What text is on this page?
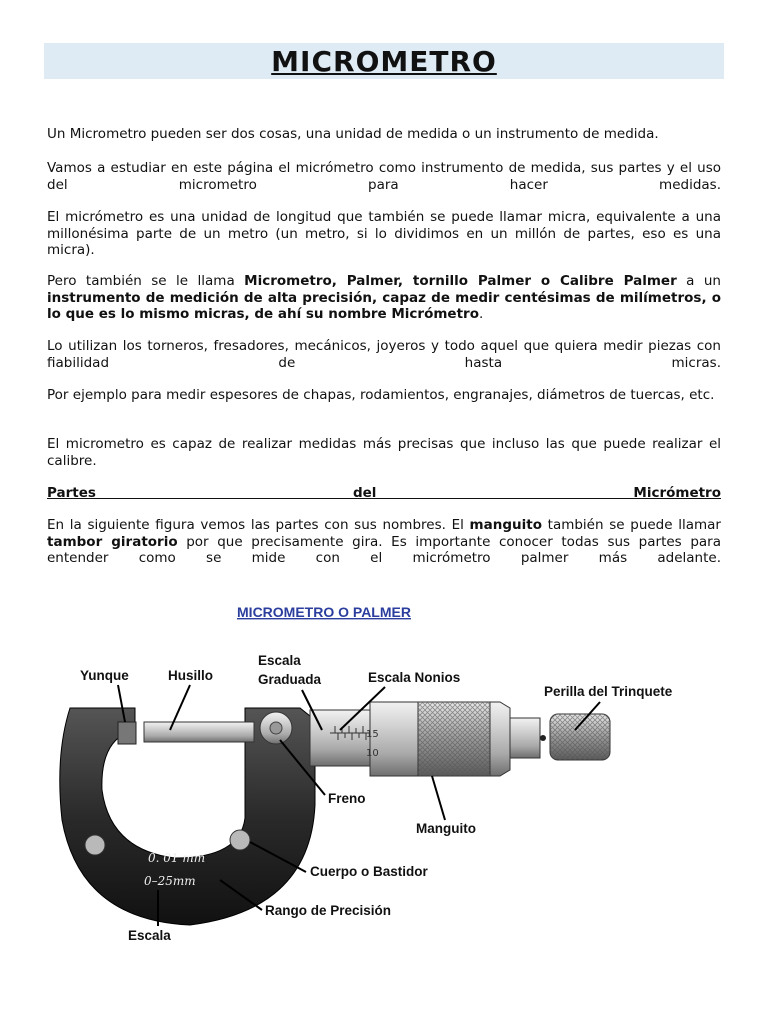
MICROMETRO

Un Micrometro pueden ser dos cosas, una unidad de medida o un instrumento de medida.

Vamos a estudiar en este página el micrómetro como instrumento de medida, sus partes y el uso del micrometro para hacer medidas.

El micrómetro es una unidad de longitud que también se puede llamar micra, equivalente a una millonésima parte de un metro (un metro, si lo dividimos en un millón de partes, eso es una micra).

Pero también se le llama Micrometro, Palmer, tornillo Palmer o Calibre Palmer a un instrumento de medición de alta precisión, capaz de medir centésimas de milímetros, o lo que es lo mismo micras, de ahí su nombre Micrómetro.

Lo utilizan los torneros, fresadores, mecánicos, joyeros y todo aquel que quiera medir piezas con fiabilidad de hasta micras.

Por ejemplo para medir espesores de chapas, rodamientos, engranajes, diámetros de tuercas, etc.

El micrometro es capaz de realizar medidas más precisas que incluso las que puede realizar el calibre.

Partes del Micrómetro

En la siguiente figura vemos las partes con sus nombres. El manguito también se puede llamar tambor giratorio por que precisamente gira. Es importante conocer todas sus partes para entender como se mide con el micrómetro palmer más adelante.

MICROMETRO O PALMER
0. 01 mm
0–25mm
15
10
Yunque	Husillo
Escala
Graduada	Escala Nonios
Perilla del Trinquete
Freno
Manguito
Cuerpo o Bastidor
Rango de Precisión
Escala
